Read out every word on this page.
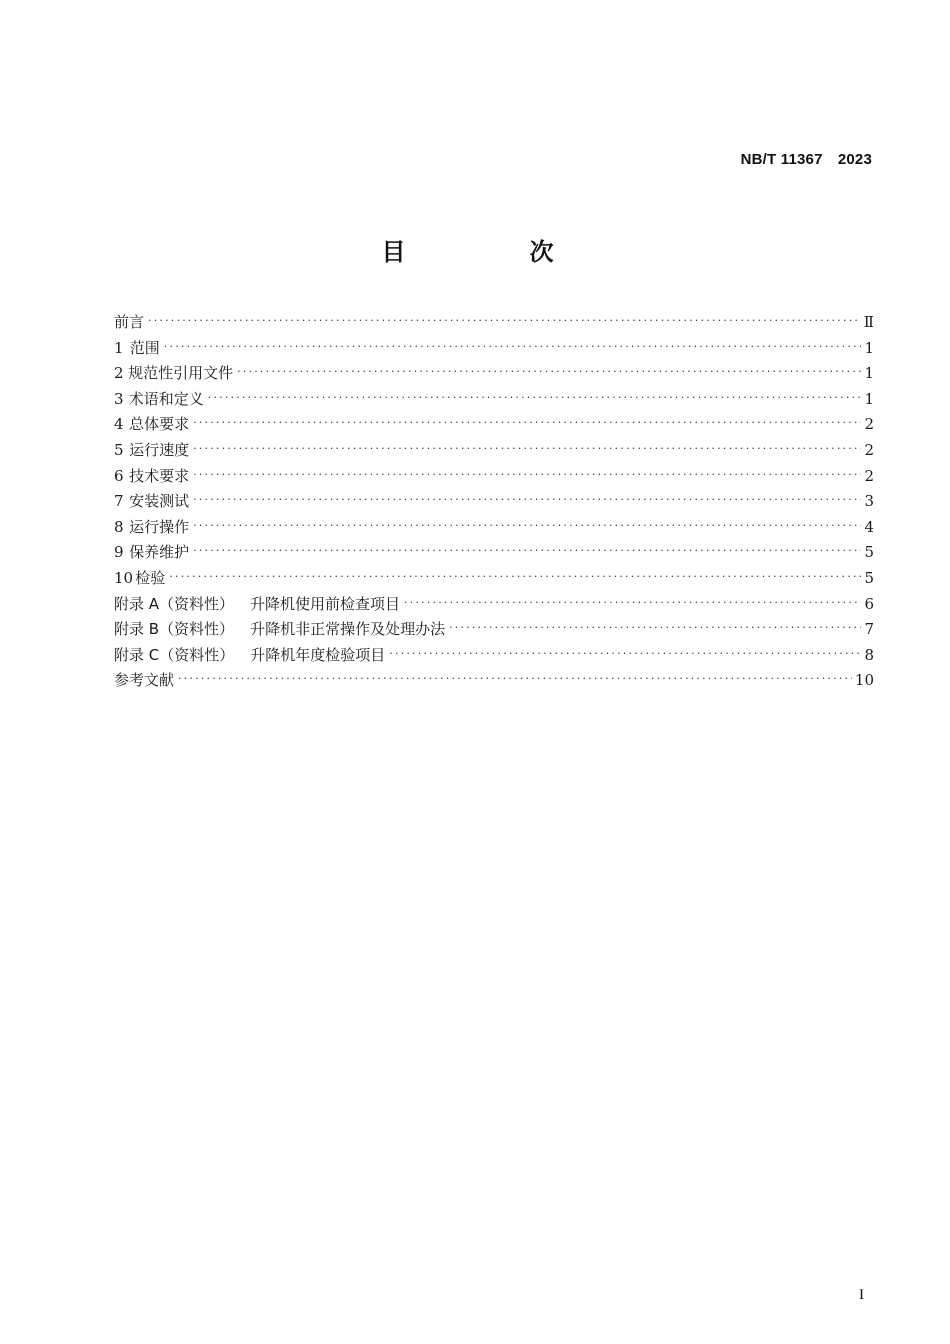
NB/T 11367　2023
目　次
前言 ·····	Ⅱ
1 范围 ·····	1
2 规范性引用文件 ·····	1
3 术语和定义 ·····	1
4 总体要求 ·····	2
5 运行速度 ·····	2
6 技术要求 ·····	2
7 安装测试 ·····	3
8 运行操作 ·····	4
9 保养维护 ·····	5
10 检验 ·····	5
附录 A（资料性） 升降机使用前检查项目 ·····	6
附录 B（资料性） 升降机非正常操作及处理办法 ·····	7
附录 C（资料性） 升降机年度检验项目 ·····	8
参考文献 ·····	10
I
